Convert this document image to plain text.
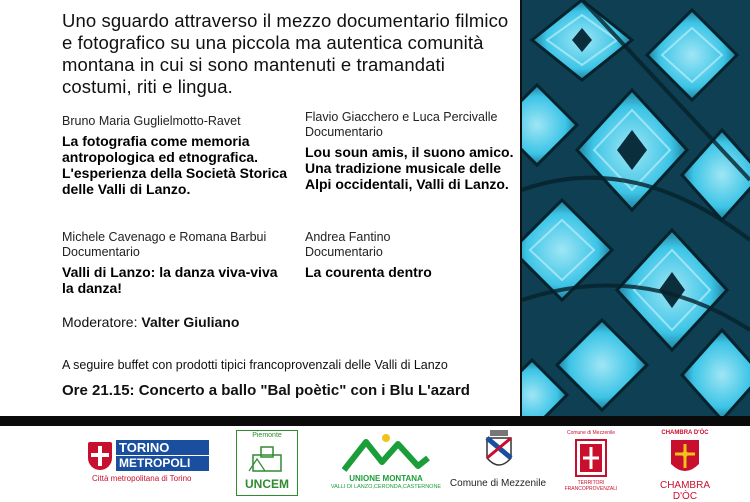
Uno sguardo attraverso il mezzo documentario filmico e fotografico su una piccola ma autentica comunità montana in cui si sono mantenuti e tramandati costumi, riti e lingua.
Bruno Maria Guglielmotto-Ravet
La fotografia come memoria antropologica ed etnografica. L'esperienza della Società Storica delle Valli di Lanzo.
Flavio Giacchero e Luca Percivalle
Documentario
Lou soun amis, il suono amico. Una tradizione musicale delle Alpi occidentali, Valli di Lanzo.
Michele Cavenago e Romana Barbui
Documentario
Valli di Lanzo: la danza viva-viva la danza!
Andrea Fantino
Documentario
La courenta dentro
Moderatore: Valter Giuliano
A seguire buffet con prodotti tipici francoprovenzali delle Valli di Lanzo
Ore 21.15: Concerto a ballo "Bal poètic" con i Blu L'azard
TORINO
METROPOLI
Città metropolitana di Torino
Piemonte
UNCEM	UNIONE MONTANA
VALLI DI LANZO,CERONDA,CASTERNONE Comune di Mezzenile
Comune di Mezzenile
TERRITORI FRANCOPROVENZALI
CHAMBRA D'ÒC
CHAMBRA D'ÒC
